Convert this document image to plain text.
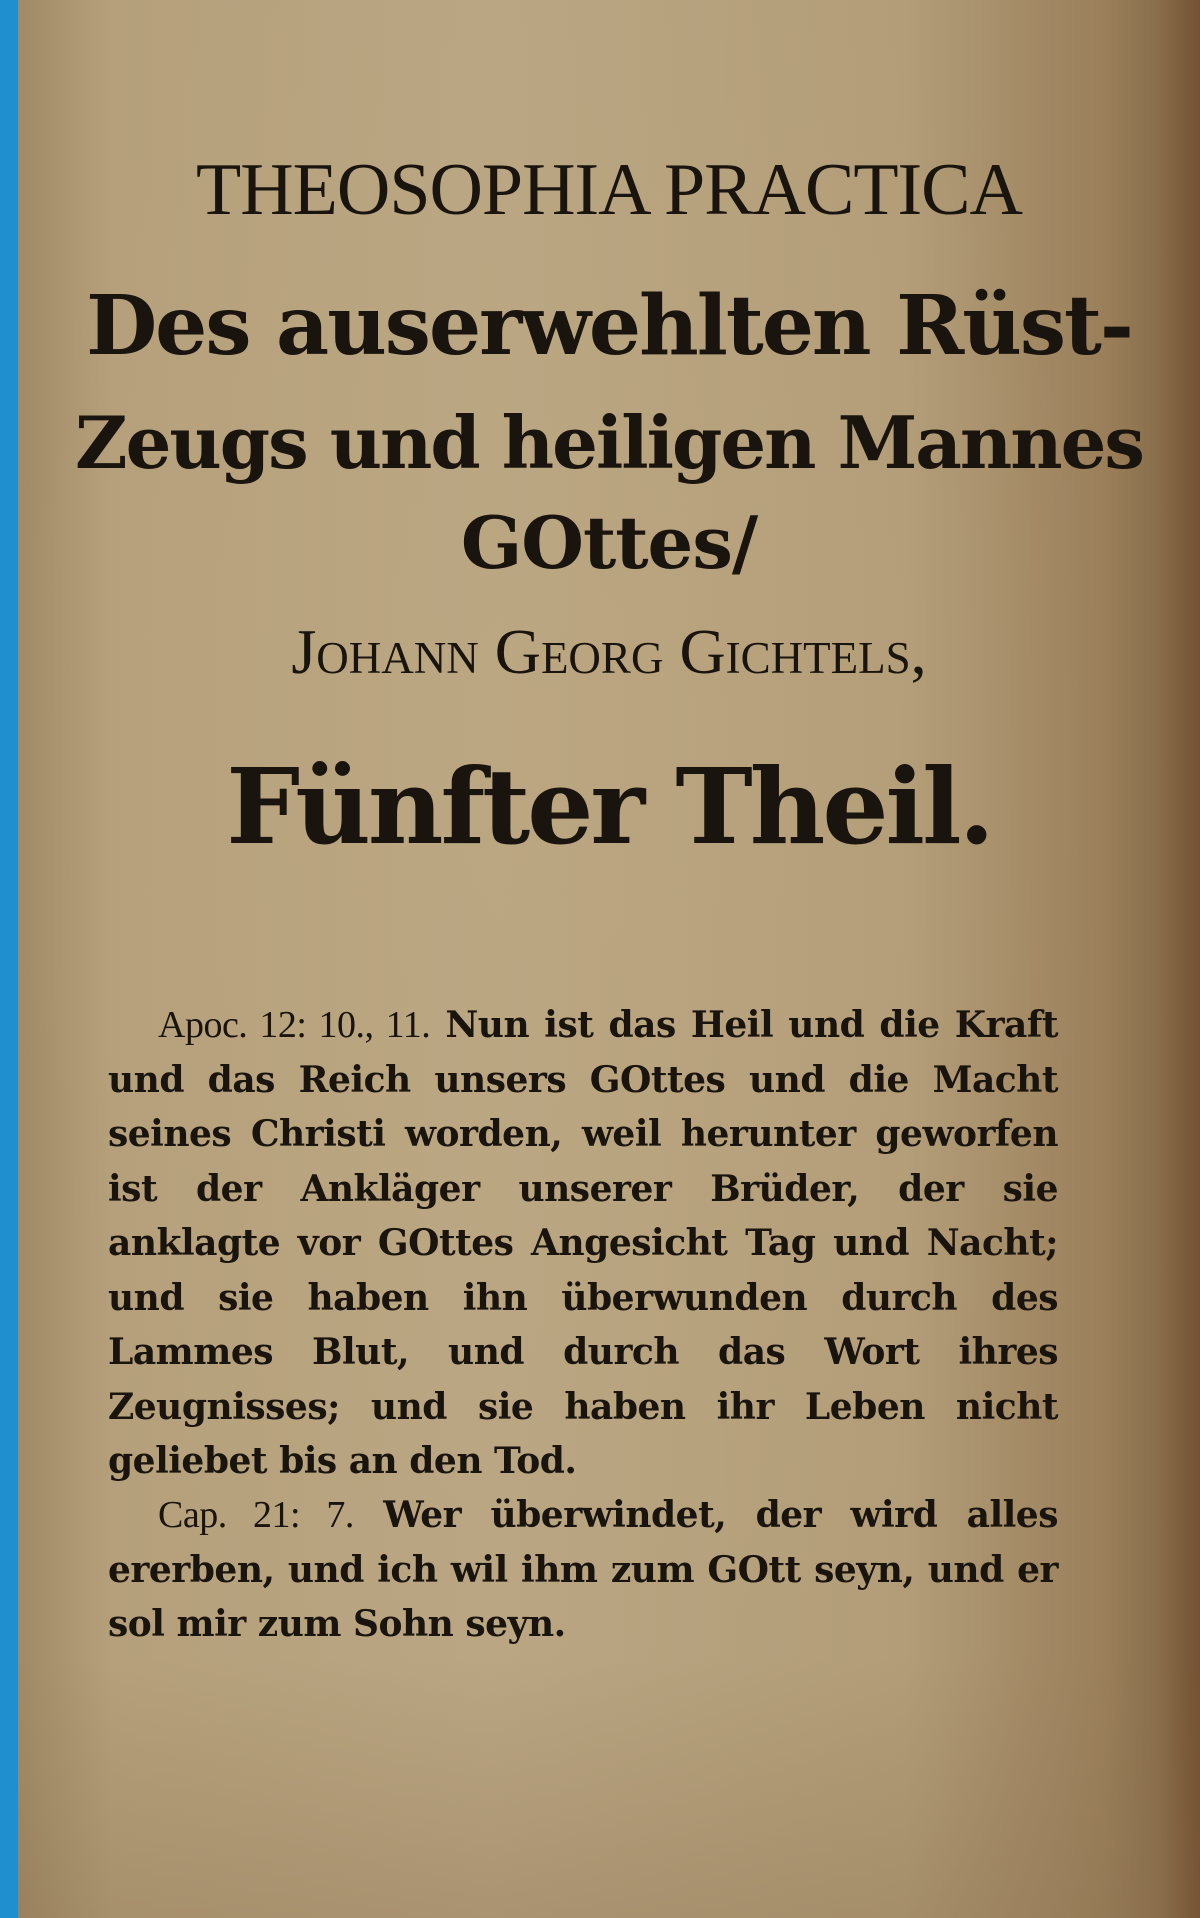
THEOSOPHIA PRACTICA
Des auserwehlten Rüst-
Zeugs und heiligen Mannes
GOttes/
Johann Georg Gichtels,
Fünfter Theil.
Apoc. 12: 10., 11. Nun ist das Heil und die Kraft und das Reich unsers GOttes und die Macht seines Christi worden, weil herunter geworfen ist der Ankläger unserer Brüder, der sie anklagte vor GOttes Angesicht Tag und Nacht; und sie haben ihn überwunden durch des Lammes Blut, und durch das Wort ihres Zeugnisses; und sie haben ihr Leben nicht geliebet bis an den Tod.
Cap. 21: 7. Wer überwindet, der wird alles ererben, und ich wil ihm zum GOtt seyn, und er sol mir zum Sohn seyn.
